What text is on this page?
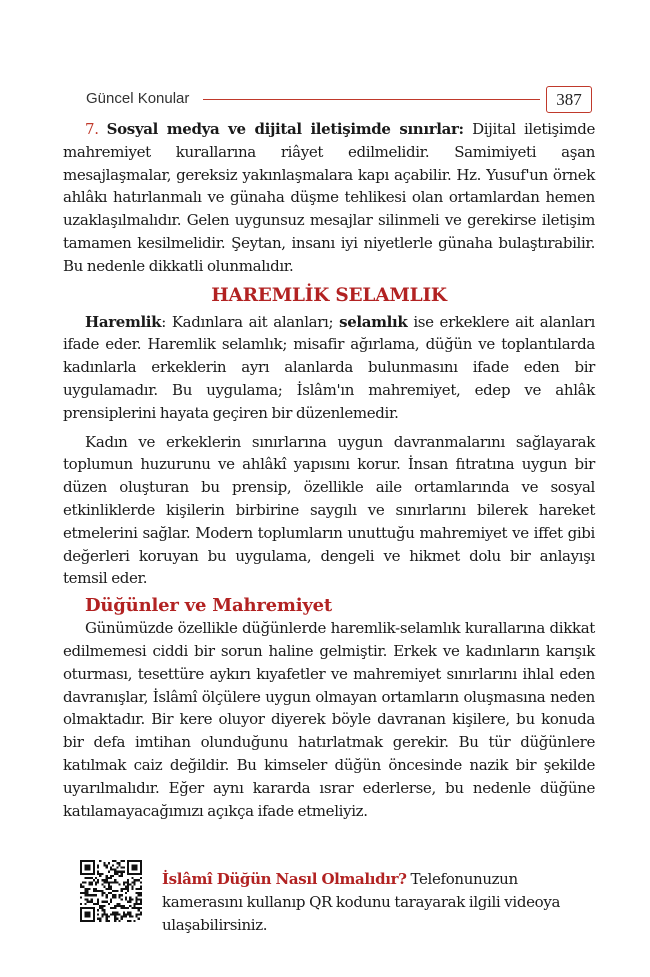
Güncel Konular	387

7. Sosyal medya ve dijital iletişimde sınırlar: Dijital iletişimde mahremiyet kurallarına riâyet edilmelidir. Samimiyeti aşan mesajlaşmalar, gereksiz yakınlaşmalara kapı açabilir. Hz. Yusuf'un örnek ahlâkı hatırlanmalı ve günaha düşme tehlikesi olan ortamlardan hemen uzaklaşılmalıdır. Gelen uygunsuz mesajlar silinmeli ve gerekirse iletişim tamamen kesilmelidir. Şeytan, insanı iyi niyetlerle günaha bulaştırabilir. Bu nedenle dikkatli olunmalıdır.

HAREMLİK SELAMLIK

Haremlik: Kadınlara ait alanları; selamlık ise erkeklere ait alanları ifade eder. Haremlik selamlık; misafir ağırlama, düğün ve toplantılarda kadınlarla erkeklerin ayrı alanlarda bulunmasını ifade eden bir uygulamadır. Bu uygulama; İslâm'ın mahremiyet, edep ve ahlâk prensiplerini hayata geçiren bir düzenlemedir.

Kadın ve erkeklerin sınırlarına uygun davranmalarını sağlayarak toplumun huzurunu ve ahlâkî yapısını korur. İnsan fıtratına uygun bir düzen oluşturan bu prensip, özellikle aile ortamlarında ve sosyal etkinliklerde kişilerin birbirine saygılı ve sınırlarını bilerek hareket etmelerini sağlar. Modern toplumların unuttuğu mahremiyet ve iffet gibi değerleri koruyan bu uygulama, dengeli ve hikmet dolu bir anlayışı temsil eder.

Düğünler ve Mahremiyet

Günümüzde özellikle düğünlerde haremlik-selamlık kurallarına dikkat edilmemesi ciddi bir sorun haline gelmiştir. Erkek ve kadınların karışık oturması, tesettüre aykırı kıyafetler ve mahremiyet sınırlarını ihlal eden davranışlar, İslâmî ölçülere uygun olmayan ortamların oluşmasına neden olmaktadır. Bir kere oluyor diyerek böyle davranan kişilere, bu konuda bir defa imtihan olunduğunu hatırlatmak gerekir. Bu tür düğünlere katılmak caiz değildir. Bu kimseler düğün öncesinde nazik bir şekilde uyarılmalıdır. Eğer aynı kararda ısrar ederlerse, bu nedenle düğüne katılamayacağımızı açıkça ifade etmeliyiz.

İslâmî Düğün Nasıl Olmalıdır? Telefonunuzun kamerasını kullanıp QR kodunu tarayarak ilgili videoya ulaşabilirsiniz.
